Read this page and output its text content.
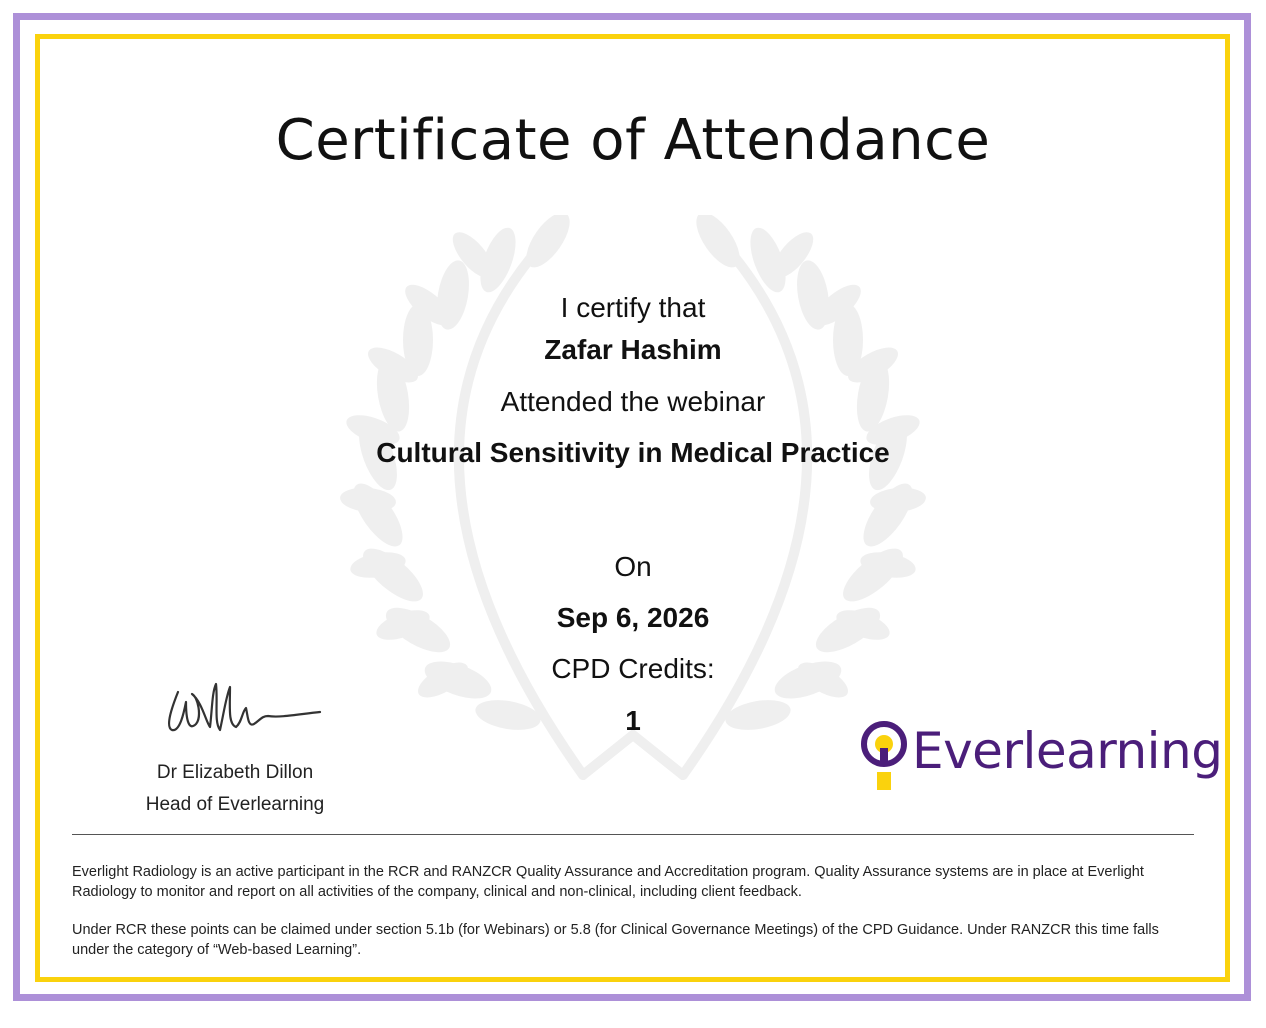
Certificate of Attendance
I certify that
Zafar Hashim
Attended the webinar
Cultural Sensitivity in Medical Practice
On
Sep 6, 2026
CPD Credits:
1
Dr Elizabeth Dillon
Head of Everlearning
Everlearning
Everlight Radiology is an active participant in the RCR and RANZCR Quality Assurance and Accreditation program. Quality Assurance systems are in place at Everlight Radiology to monitor and report on all activities of the company, clinical and non-clinical, including client feedback.
Under RCR these points can be claimed under section 5.1b (for Webinars) or 5.8 (for Clinical Governance Meetings) of the CPD Guidance. Under RANZCR this time falls under the category of “Web-based Learning”.
